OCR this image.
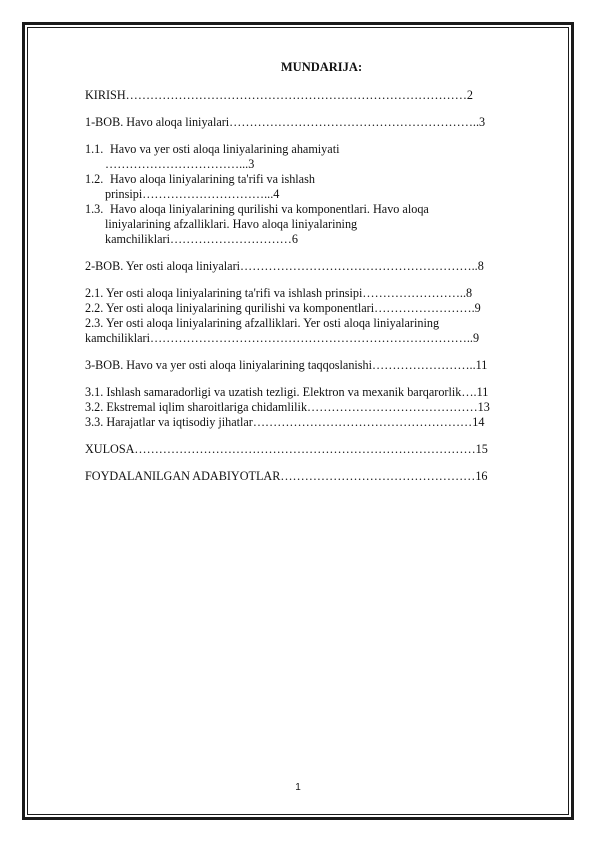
MUNDARIJA:
KIRISH…………………………………………………………………………2
1-BOB. Havo aloqa liniyalari……………………………………………………..3
1.1. Havo va yer osti aloqa liniyalarining ahamiyati
……………………………...3
1.2. Havo aloqa liniyalarining ta'rifi va ishlash
prinsipi…………………………...4
1.3. Havo aloqa liniyalarining qurilishi va komponentlari. Havo aloqa
liniyalarining afzalliklari. Havo aloqa liniyalarining
kamchiliklari…………………………6
2-BOB. Yer osti aloqa liniyalari…………………………………………………..8
2.1. Yer osti aloqa liniyalarining ta'rifi va ishlash prinsipi……………………..8
2.2. Yer osti aloqa liniyalarining qurilishi va komponentlari…………………….9
2.3. Yer osti aloqa liniyalarining afzalliklari. Yer osti aloqa liniyalarining
kamchiliklari……………………………………………………………………..9
3-BOB. Havo va yer osti aloqa liniyalarining taqqoslanishi……………………..11
3.1. Ishlash samaradorligi va uzatish tezligi. Elektron va mexanik barqarorlik….11
3.2. Ekstremal iqlim sharoitlariga chidamlilik……………………………………13
3.3. Harajatlar va iqtisodiy jihatlar………………………………………………14
XULOSA…………………………………………………………………………15
FOYDALANILGAN ADABIYOTLAR…………………………………………16
1
